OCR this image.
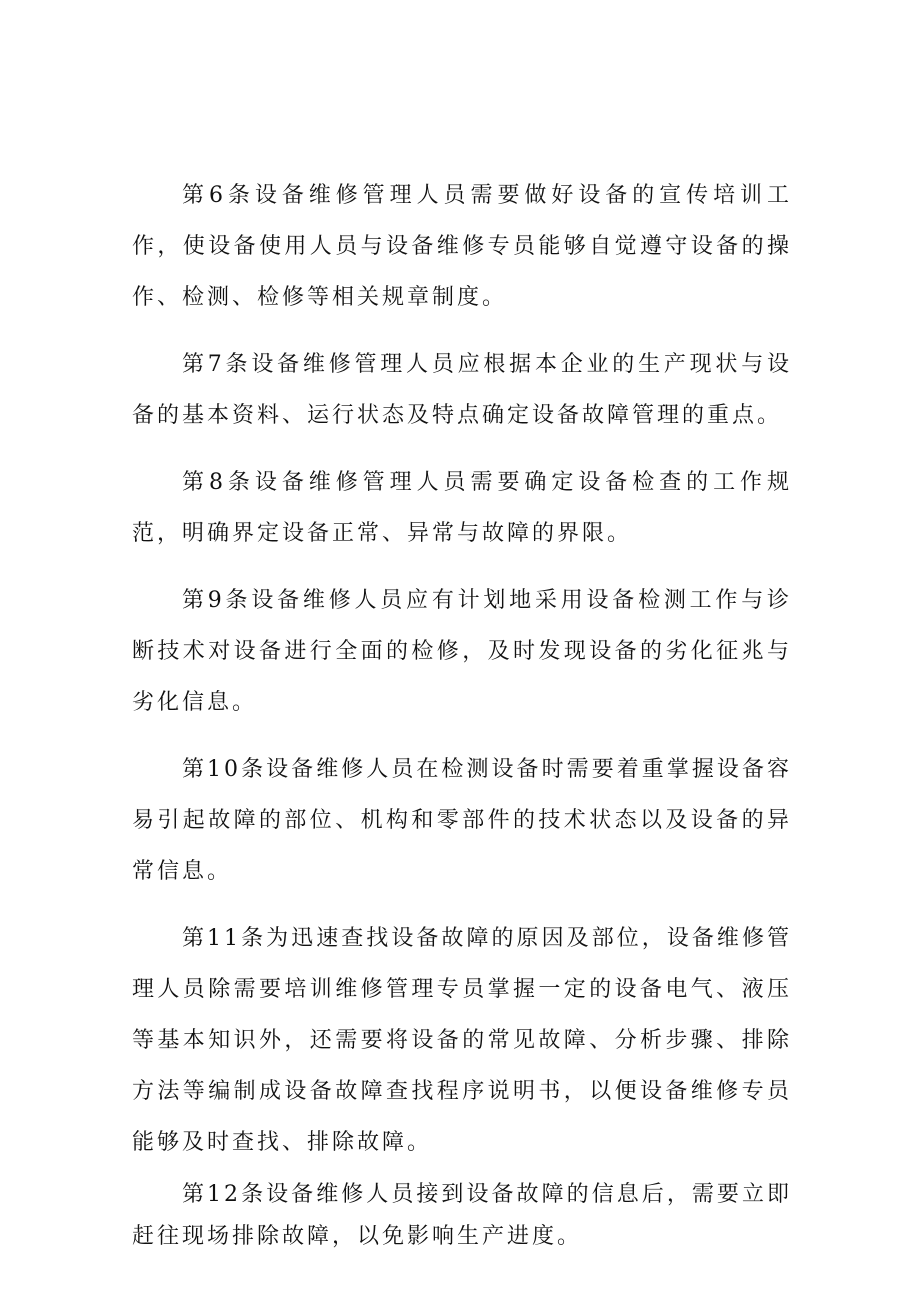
第6条设备维修管理人员需要做好设备的宣传培训工作，使设备使用人员与设备维修专员能够自觉遵守设备的操作、检测、检修等相关规章制度。

第7条设备维修管理人员应根据本企业的生产现状与设备的基本资料、运行状态及特点确定设备故障管理的重点。

第8条设备维修管理人员需要确定设备检查的工作规范，明确界定设备正常、异常与故障的界限。

第9条设备维修人员应有计划地采用设备检测工作与诊断技术对设备进行全面的检修，及时发现设备的劣化征兆与劣化信息。

第10条设备维修人员在检测设备时需要着重掌握设备容易引起故障的部位、机构和零部件的技术状态以及设备的异常信息。

第11条为迅速查找设备故障的原因及部位，设备维修管理人员除需要培训维修管理专员掌握一定的设备电气、液压等基本知识外，还需要将设备的常见故障、分析步骤、排除方法等编制成设备故障查找程序说明书，以便设备维修专员能够及时查找、排除故障。

第12条设备维修人员接到设备故障的信息后，需要立即赶往现场排除故障，以免影响生产进度。
